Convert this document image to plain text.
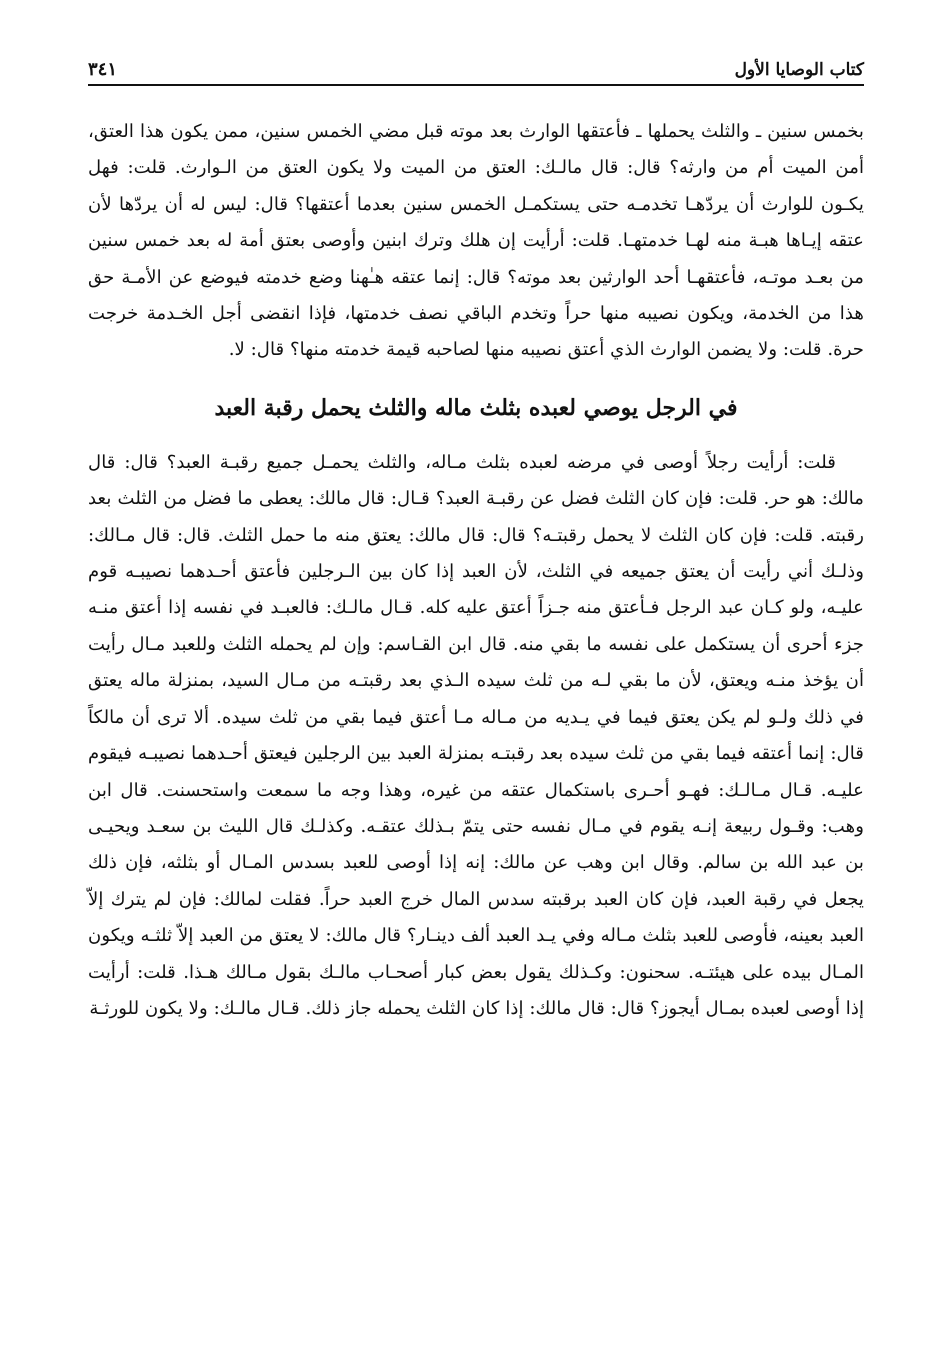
كتاب الوصايا الأول
٣٤١

بخمس سنين ـ والثلث يحملها ـ فأعتقها الوارث بعد موته قبل مضي الخمس سنين، ممن يكون هذا العتق، أمن الميت أم من وارثه؟ قال: قال مالـك: العتق من الميت ولا يكون العتق من الـوارث. قلت: فهل يكـون للوارث أن يردّهـا تخدمـه حتى يستكمـل الخمس سنين بعدما أعتقها؟ قال: ليس له أن يردّها لأن عتقه إيـاها هبـة منه لهـا خدمتهـا. قلت: أرأيت إن هلك وترك ابنين وأوصى بعتق أمة له بعد خمس سنين من بعـد موتـه، فأعتقهـا أحد الوارثين بعد موته؟ قال: إنما عتقه هـٰهنا وضع خدمته فيوضع عن الأمـة حق هذا من الخدمة، ويكون نصيبه منها حراً وتخدم الباقي نصف خدمتها، فإذا انقضى أجل الخـدمة خرجت حرة. قلت: ولا يضمن الوارث الذي أعتق نصيبه منها لصاحبه قيمة خدمته منها؟ قال: لا.

في الرجل يوصي لعبده بثلث ماله والثلث يحمل رقبة العبد

قلت: أرأيت رجلاً أوصى في مرضه لعبده بثلث مـاله، والثلث يحمـل جميع رقبـة العبد؟ قال: قال مالك: هو حر. قلت: فإن كان الثلث فضل عن رقبـة العبد؟ قـال: قال مالك: يعطى ما فضل من الثلث بعد رقبته. قلت: فإن كان الثلث لا يحمل رقبتـه؟ قال: قال مالك: يعتق منه ما حمل الثلث. قال: قال مـالك: وذلـك أني رأيت أن يعتق جميعه في الثلث، لأن العبد إذا كان بين الـرجلين فأعتق أحـدهما نصيبـه قوم عليـه، ولو كـان عبد الرجل فـأعتق منه جـزاً أعتق عليه كله. قـال مالـك: فالعبـد في نفسه إذا أعتق منـه جزء أحرى أن يستكمل على نفسه ما بقي منه. قال ابن القـاسم: وإن لم يحمله الثلث وللعبد مـال رأيت أن يؤخذ منـه ويعتق، لأن ما بقي لـه من ثلث سيده الـذي بعد رقبتـه من مـال السيد، بمنزلة ماله يعتق في ذلك ولـو لم يكن يعتق فيما في يـديه من مـاله مـا أعتق فيما بقي من ثلث سيده. ألا ترى أن مالكاً قال: إنما أعتقه فيما بقي من ثلث سيده بعد رقبتـه بمنزلة العبد بين الرجلين فيعتق أحـدهما نصيبـه فيقوم عليـه. قـال مـالـك: فهـو أحـرى باستكمال عتقه من غيره، وهذا وجه ما سمعت واستحسنت. قال ابن وهب: وقـول ربيعة إنـه يقوم في مـال نفسه حتى يتمّ بـذلك عتقـه. وكذلـك قال الليث بن سعـد ويحيـى بن عبد الله بن سالم. وقال ابن وهب عن مالك: إنه إذا أوصى للعبد بسدس المـال أو بثلثه، فإن ذلك يجعل في رقبة العبد، فإن كان العبد برقبته سدس المال خرج العبد حراً. فقلت لمالك: فإن لم يترك إلاّ العبد بعينه، فأوصى للعبد بثلث مـاله وفي يـد العبد ألف دينـار؟ قال مالك: لا يعتق من العبد إلاّ ثلثـه ويكون المـال بيده على هيئتـه. سحنون: وكـذلك يقول بعض كبار أصحـاب مالـك بقول مـالك هـذا. قلت: أرأيت إذا أوصى لعبده بمـال أيجوز؟ قال: قال مالك: إذا كان الثلث يحمله جاز ذلك. قـال مالـك: ولا يكون للورثـة
